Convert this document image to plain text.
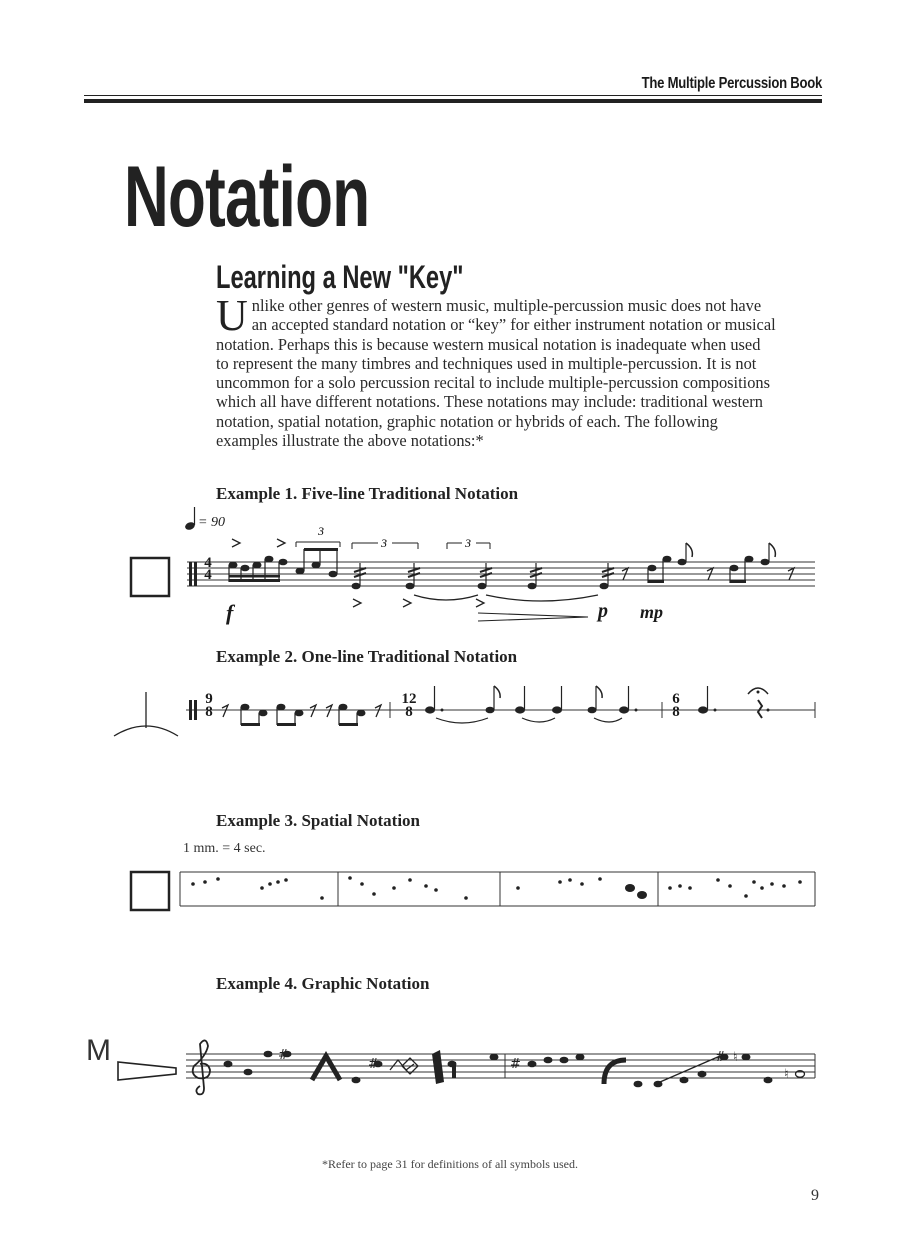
The Multiple Percussion Book
Notation
Learning a New "Key"

Unlike other genres of western music, multiple-percussion music does not have an accepted standard notation or “key” for either instrument notation or musical notation. Perhaps this is because western musical notation is inadequate when used to represent the many timbres and techniques used in multiple-percussion. It is not uncommon for a solo percussion recital to include multiple-percussion compositions which all have different notations. These notations may include: traditional western notation, spatial notation, graphic notation or hybrids of each. The following examples illustrate the above notations:*

Example 1. Five-line Traditional Notation
3
3	3
= 90
4
4
f	p mp
Example 2. One-line Traditional Notation
9
8
12
8
6
8
Example 3. Spatial Notation
1 mm. = 4 sec.
Example 4. Graphic Notation
M	#
#	#	# ♮
♮
*Refer to page 31 for definitions of all symbols used.
9
